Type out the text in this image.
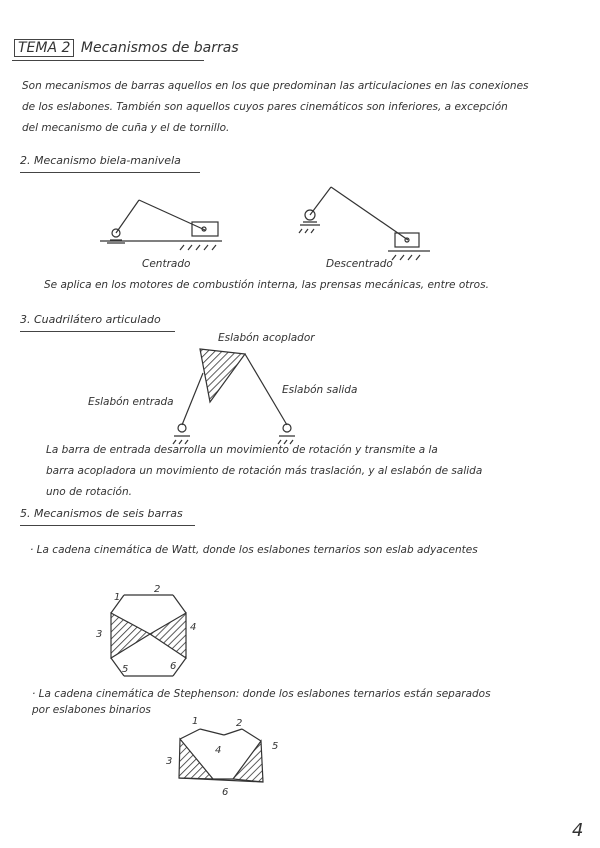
TEMA 2 Mecanismos de barras
Son mecanismos de barras aquellos en los que predominan las articulaciones en las conexiones
de los eslabones. También son aquellos cuyos pares cinemáticos son inferiores, a excepción
del mecanismo de cuña y el de tornillo.
2. Mecanismo biela-manivela
Centrado	Descentrado
Se aplica en los motores de combustión interna, las prensas mecánicas, entre otros.
3. Cuadrilátero articulado
Eslabón acoplador
Eslabón entrada
Eslabón salida
La barra de entrada desarrolla un movimiento de rotación y transmite a la
barra acopladora un movimiento de rotación más traslación, y al eslabón de salida
uno de rotación.
5. Mecanismos de seis barras
· La cadena cinemática de Watt, donde los eslabones ternarios son eslab adyacentes
1
2
3
4
5	6
· La cadena cinemática de Stephenson: donde los eslabones ternarios están separados
por eslabones binarios
1	2
3
4	5
6
4
